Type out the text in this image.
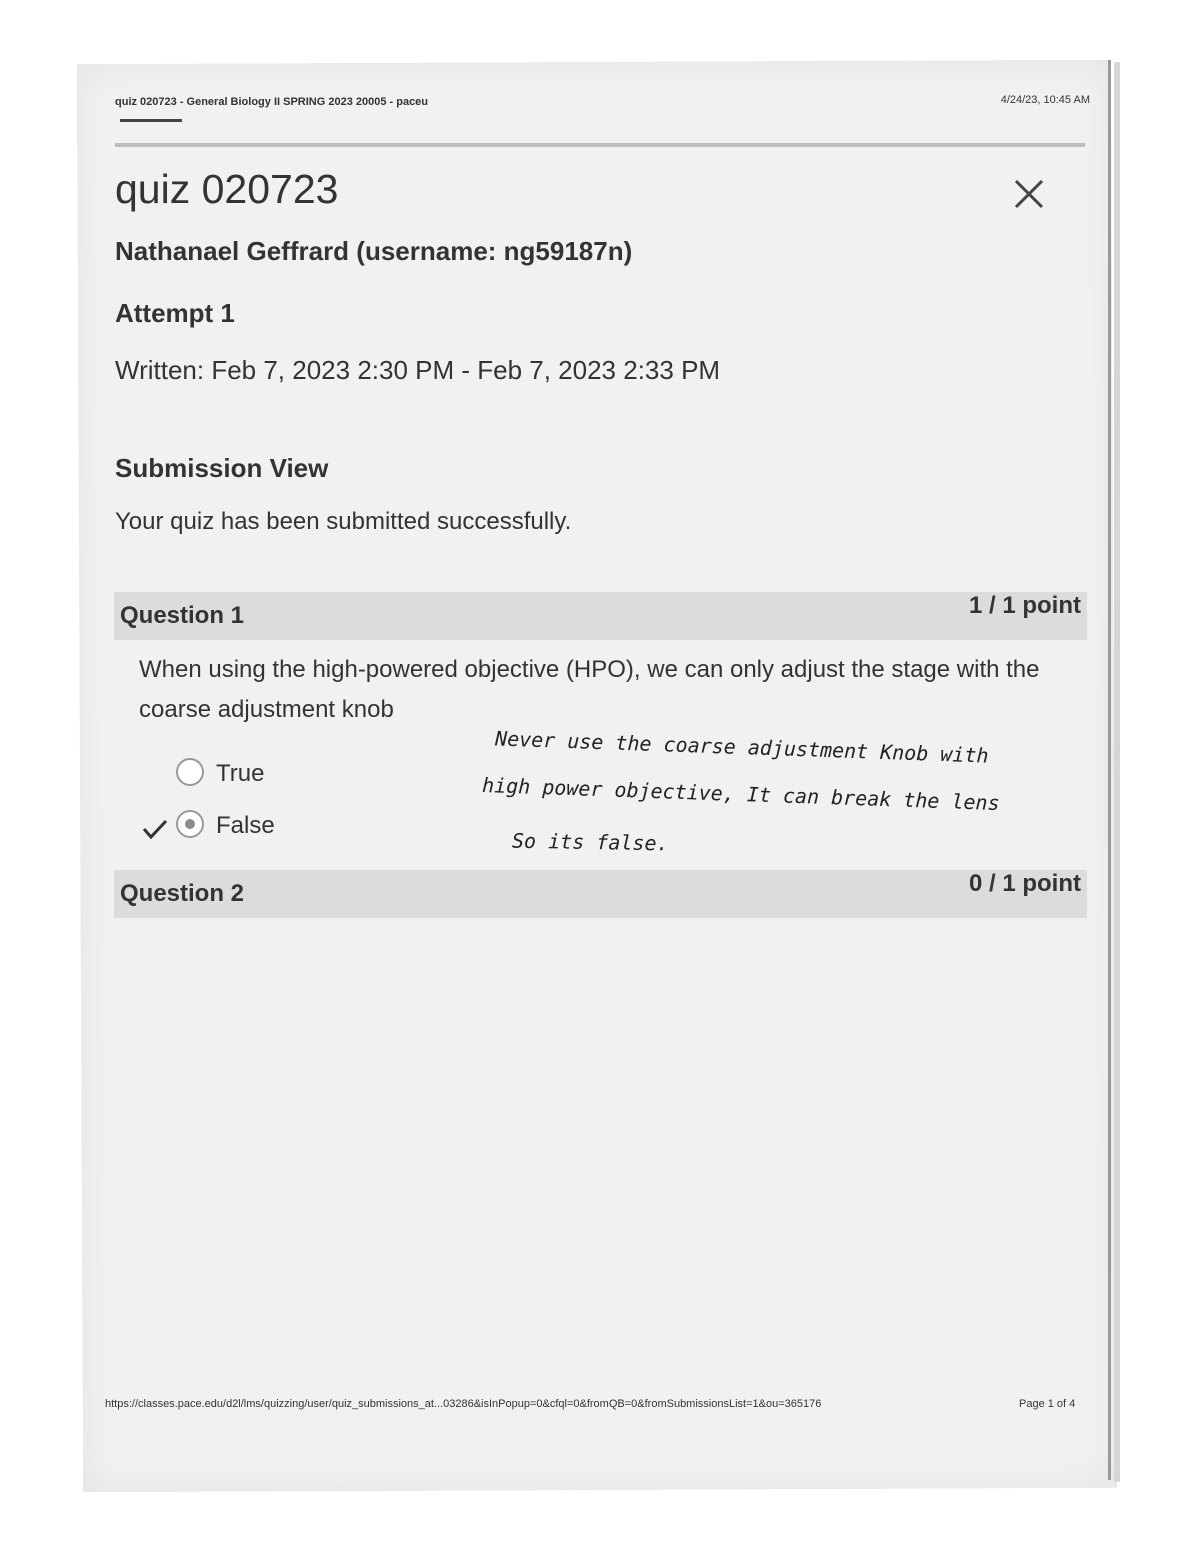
quiz 020723 - General Biology II SPRING 2023 20005 - paceu	4/24/23, 10:45 AM
quiz 020723
Nathanael Geffrard (username: ng59187n)
Attempt 1
Written: Feb 7, 2023 2:30 PM - Feb 7, 2023 2:33 PM
Submission View
Your quiz has been submitted successfully.
Question 1	1 / 1 point
When using the high-powered objective (HPO), we can only adjust the stage with the coarse adjustment knob
True
False
Never use the coarse adjustment Knob with
high power objective, It can break the lens
So its false.
Question 2	0 / 1 point
https://classes.pace.edu/d2l/lms/quizzing/user/quiz_submissions_at...03286&isInPopup=0&cfql=0&fromQB=0&fromSubmissionsList=1&ou=365176	Page 1 of 4
